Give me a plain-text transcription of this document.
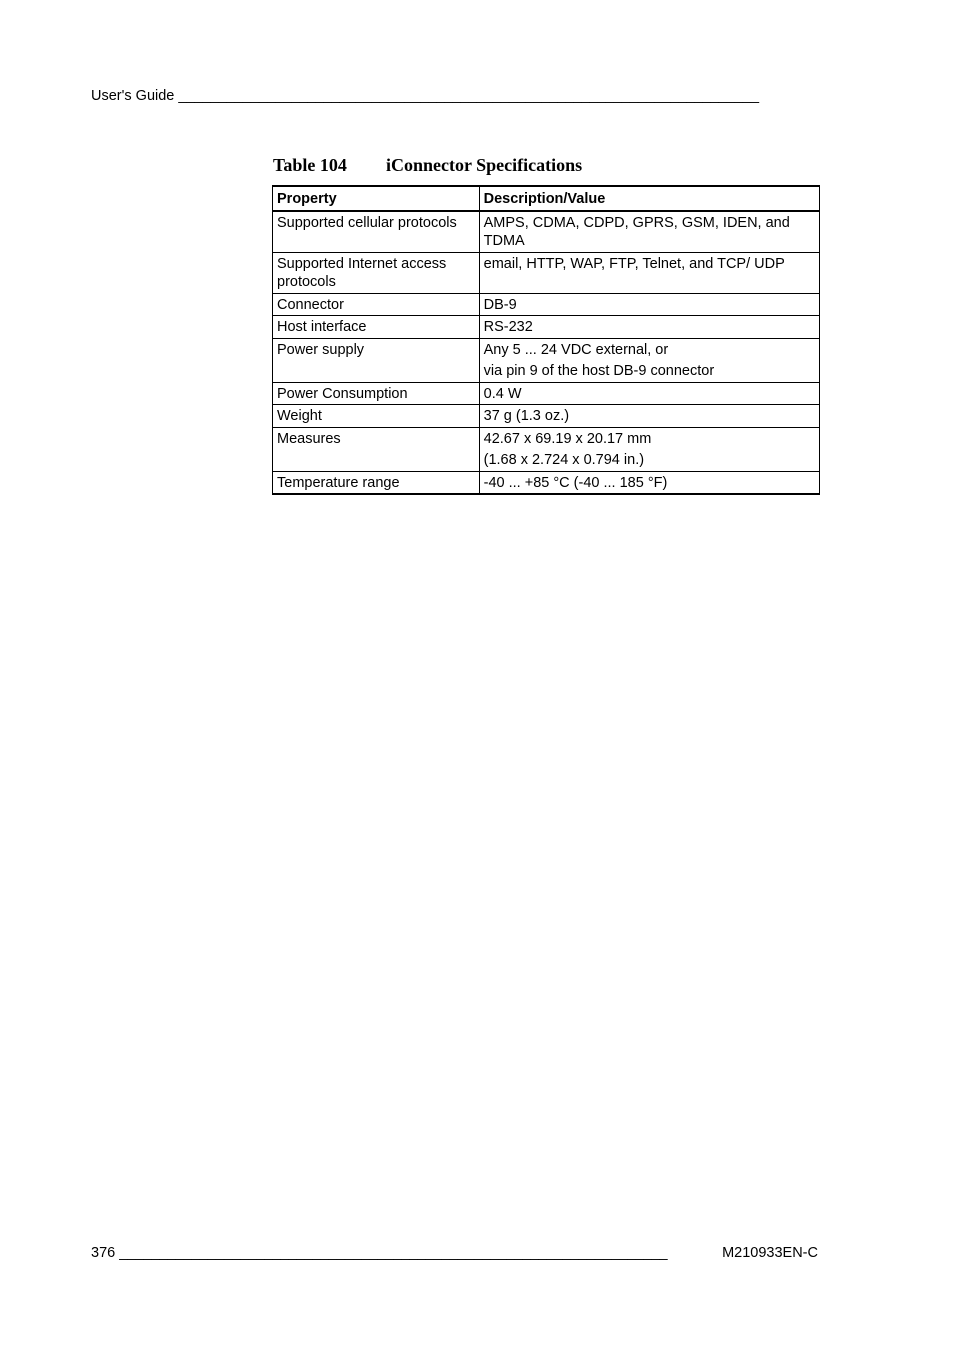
User's Guide ________________________________________________________________________
Table 104 iConnector Specifications
Property	Description/Value
Supported cellular protocols	AMPS, CDMA, CDPD, GPRS, GSM, IDEN, and TDMA
Supported Internet access protocols	email, HTTP, WAP, FTP, Telnet, and TCP/ UDP
Connector	DB-9
Host interface	RS-232
Power supply	Any 5 ... 24 VDC external, or
via pin 9 of the host DB-9 connector

Power Consumption	0.4 W
Weight	37 g (1.3 oz.)
Measures	42.67 x 69.19 x 20.17 mm
(1.68 x 2.724 x 0.794 in.)

Temperature range	-40 ... +85 °C (-40 ... 185 °F)
376 ____________________________________________________________________	M210933EN-C
